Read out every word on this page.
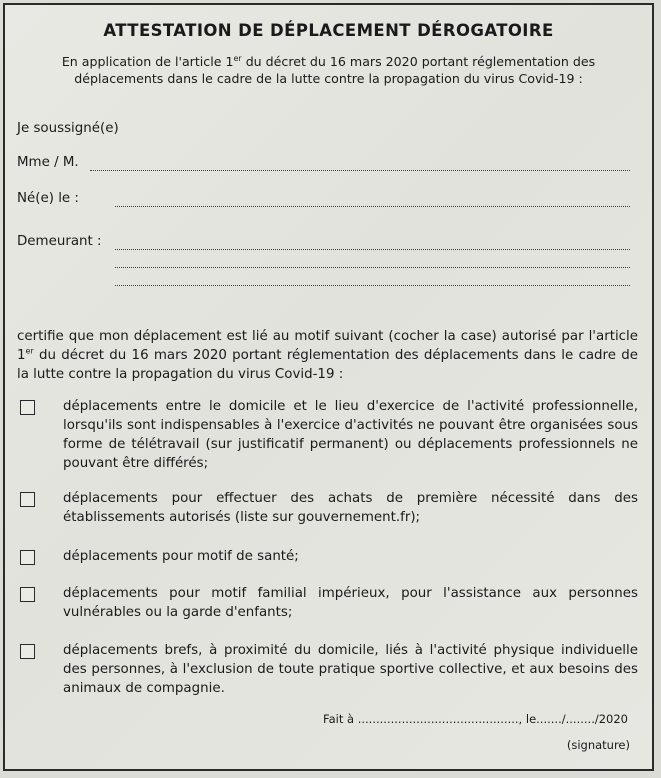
ATTESTATION DE DÉPLACEMENT DÉROGATOIRE
En application de l'article 1er du décret du 16 mars 2020 portant réglementation des déplacements dans le cadre de la lutte contre la propagation du virus Covid-19 :
Je soussigné(e)
Mme / M.
Né(e) le :
Demeurant :
certifie que mon déplacement est lié au motif suivant (cocher la case) autorisé par l'article 1er du décret du 16 mars 2020 portant réglementation des déplacements dans le cadre de la lutte contre la propagation du virus Covid-19 :
déplacements entre le domicile et le lieu d'exercice de l'activité professionnelle, lorsqu'ils sont indispensables à l'exercice d'activités ne pouvant être organisées sous forme de télétravail (sur justificatif permanent) ou déplacements professionnels ne pouvant être différés;
déplacements pour effectuer des achats de première nécessité dans des établissements autorisés (liste sur gouvernement.fr);
déplacements pour motif de santé;
déplacements pour motif familial impérieux, pour l'assistance aux personnes vulnérables ou la garde d'enfants;
déplacements brefs, à proximité du domicile, liés à l'activité physique individuelle des personnes, à l'exclusion de toute pratique sportive collective, et aux besoins des animaux de compagnie.
Fait à ............................................, le......./......../2020
(signature)
